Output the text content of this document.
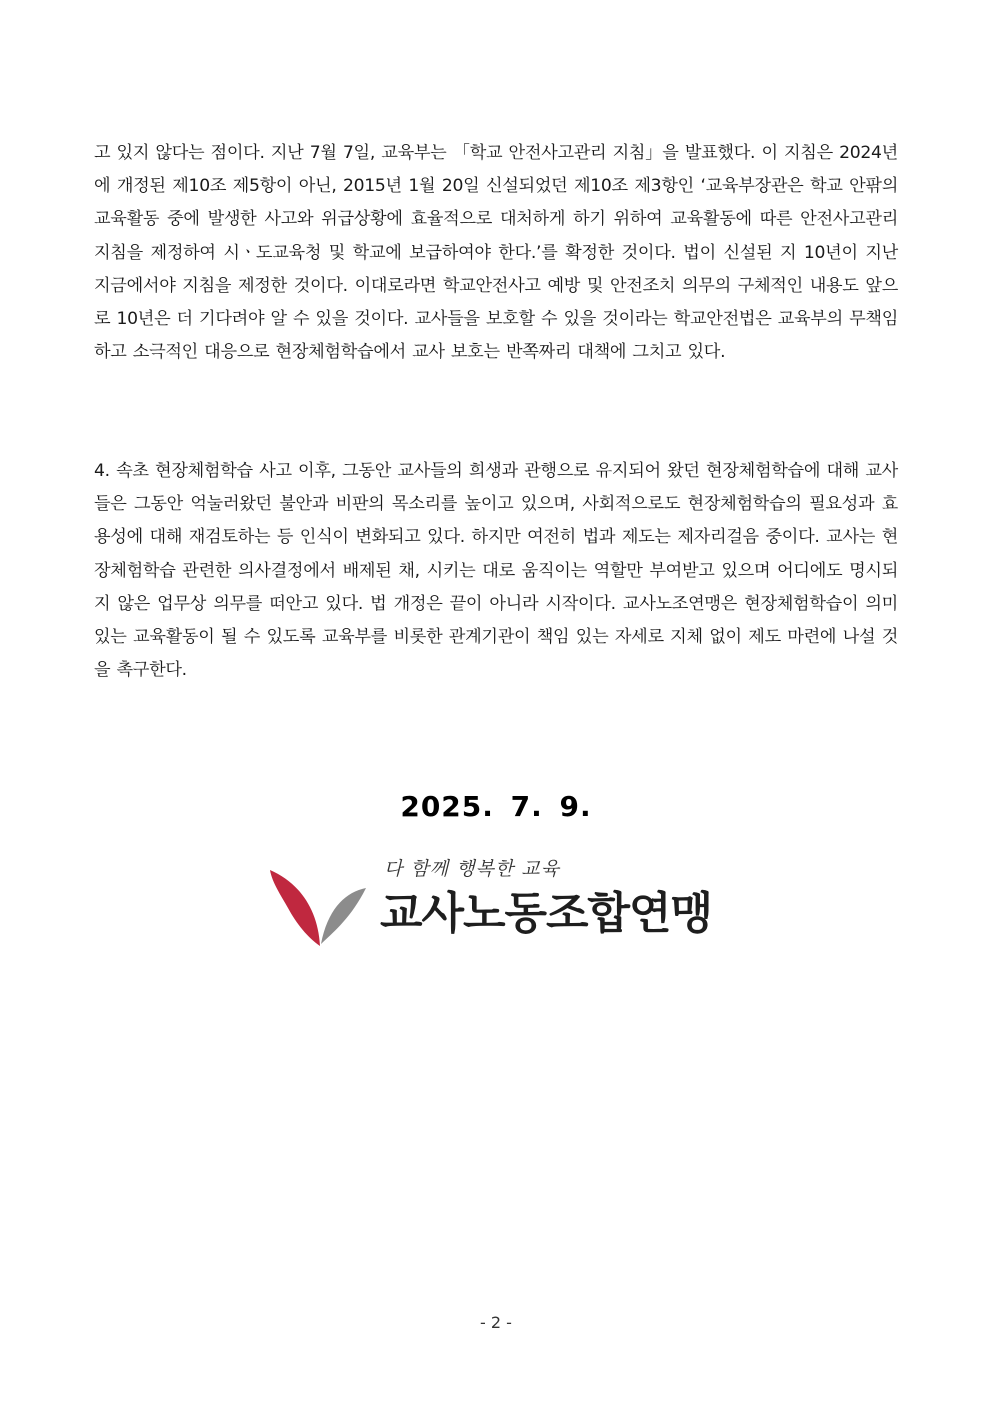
고 있지 않다는 점이다. 지난 7월 7일, 교육부는 「학교 안전사고관리 지침」을 발표했다. 이 지침은 2024년에 개정된 제10조 제5항이 아닌, 2015년 1월 20일 신설되었던 제10조 제3항인 ‘교육부장관은 학교 안팎의 교육활동 중에 발생한 사고와 위급상황에 효율적으로 대처하게 하기 위하여 교육활동에 따른 안전사고관리 지침을 제정하여 시ㆍ도교육청 및 학교에 보급하여야 한다.’를 확정한 것이다. 법이 신설된 지 10년이 지난 지금에서야 지침을 제정한 것이다. 이대로라면 학교안전사고 예방 및 안전조치 의무의 구체적인 내용도 앞으로 10년은 더 기다려야 알 수 있을 것이다. 교사들을 보호할 수 있을 것이라는 학교안전법은 교육부의 무책임하고 소극적인 대응으로 현장체험학습에서 교사 보호는 반쪽짜리 대책에 그치고 있다.

4. 속초 현장체험학습 사고 이후, 그동안 교사들의 희생과 관행으로 유지되어 왔던 현장체험학습에 대해 교사들은 그동안 억눌러왔던 불안과 비판의 목소리를 높이고 있으며, 사회적으로도 현장체험학습의 필요성과 효용성에 대해 재검토하는 등 인식이 변화되고 있다. 하지만 여전히 법과 제도는 제자리걸음 중이다. 교사는 현장체험학습 관련한 의사결정에서 배제된 채, 시키는 대로 움직이는 역할만 부여받고 있으며 어디에도 명시되지 않은 업무상 의무를 떠안고 있다. 법 개정은 끝이 아니라 시작이다. 교사노조연맹은 현장체험학습이 의미 있는 교육활동이 될 수 있도록 교육부를 비롯한 관계기관이 책임 있는 자세로 지체 없이 제도 마련에 나설 것을 촉구한다.

2025. 7. 9.

다 함께 행복한 교육
교사노동조합연맹

- 2 -
